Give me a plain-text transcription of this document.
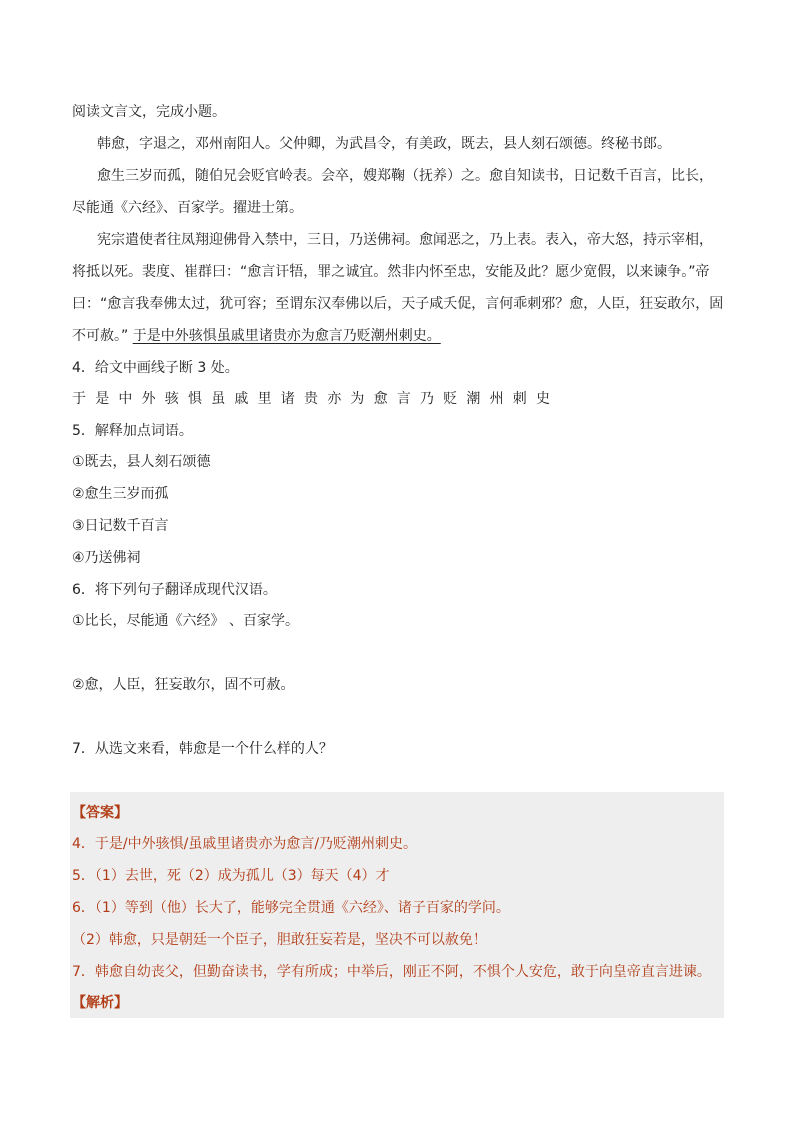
阅读文言文，完成小题。
韩愈，字退之，邓州南阳人。父仲卿，为武昌令，有美政，既去，县人刻石颂德。终秘书郎。
愈生三岁而孤，随伯兄会贬官岭表。会卒，嫂郑鞠（抚养）之。愈自知读书，日记数千百言，比长，
尽能通《六经》、百家学。擢进士第。
宪宗遣使者往凤翔迎佛骨入禁中，三日，乃送佛祠。愈闻恶之，乃上表。表入，帝大怒，持示宰相，
将抵以死。裴度、崔群曰：“愈言讦牾，罪之诚宜。然非内怀至忠，安能及此？愿少宽假，以来谏争。”帝
曰：“愈言我奉佛太过，犹可容；至谓东汉奉佛以后，天子咸夭促，言何乖刺邪？愈，人臣，狂妄敢尔，固
不可赦。” 于是中外骇惧虽戚里诸贵亦为愈言乃贬潮州刺史。
4．给文中画线子断 3 处。
于是中外骇惧虽戚里诸贵亦为愈言乃贬潮州刺史
5．解释加点词语。
①既去，县人刻石颂德
②愈生三岁而孤
③日记数千百言
④乃送佛祠
6．将下列句子翻译成现代汉语。
①比长，尽能通《六经》 、百家学。
②愈，人臣，狂妄敢尔，固不可赦。
7．从选文来看，韩愈是一个什么样的人？
【答案】
4．于是/中外骇惧/虽戚里诸贵亦为愈言/乃贬潮州刺史。
5．（1）去世，死（2）成为孤儿（3）每天（4）才
6．（1）等到（他）长大了，能够完全贯通《六经》、诸子百家的学问。
（2）韩愈，只是朝廷一个臣子，胆敢狂妄若是，坚决不可以赦免！
7．韩愈自幼丧父，但勤奋读书，学有所成；中举后，刚正不阿，不惧个人安危，敢于向皇帝直言进谏。
【解析】
